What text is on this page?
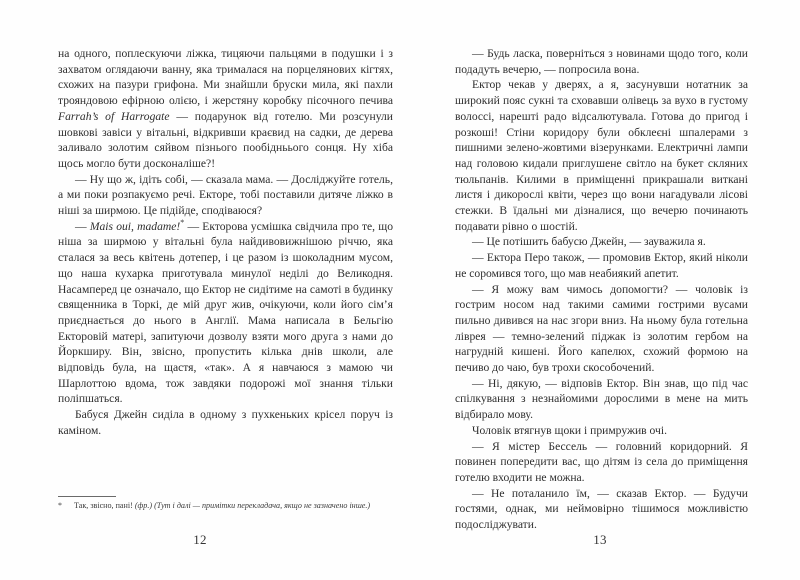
на одного, поплескуючи ліжка, тицяючи пальцями в подушки і з захватом оглядаючи ванну, яка трималася на порцелянових кігтях, схожих на пазури грифона. Ми знайшли бруски мила, які пахли трояндовою ефірною олією, і жерстяну коробку пісочного печива Farrah’s of Harrogate — подарунок від готелю. Ми розсунули шовкові завіси у вітальні, відкривши краєвид на садки, де дерева заливало золотим сяйвом пізнього пообідньього сонця. Ну хіба щось могло бути досконаліше?!

— Ну що ж, ідіть собі, — сказала мама. — Досліджуйте готель, а ми поки розпакуємо речі. Екторе, тобі поставили дитяче ліжко в ніші за ширмою. Це підійде, сподіваюся?

— Mais oui, madame!* — Екторова усмішка свідчила про те, що ніша за ширмою у вітальні була найдивовижнішою річчю, яка сталася за весь квітень дотепер, і це разом із шоколадним мусом, що наша кухарка приготувала минулої неділі до Великодня. Насамперед це означало, що Ектор не сидітиме на самоті в будинку священника в Торкі, де мій друг жив, очікуючи, коли його сім’я приєднається до нього в Англії. Мама написала в Бельгію Екторовій матері, запитуючи дозволу взяти мого друга з нами до Йоркширу. Він, звісно, пропустить кілька днів школи, але відповідь була, на щастя, «так». А я навчаюся з мамою чи Шарлоттою вдома, тож завдяки подорожі мої знання тільки поліпшаться.

Бабуся Джейн сиділа в одному з пухкеньких крісел поруч із каміном.

*	Так, звісно, пані! (фр.) (Тут і далі — примітки перекладача, якщо не зазначено інше.)
12

— Будь ласка, поверніться з новинами щодо того, коли подадуть вечерю, — попросила вона.

Ектор чекав у дверях, а я, засунувши нотатник за широкий пояс сукні та сховавши олівець за вухо в густому волоссі, нарешті радо відсалютувала. Готова до пригод і розкоші! Стіни коридору були обклеєні шпалерами з пишними зелено-жовтими візерунками. Електричні лампи над головою кидали приглушене світло на букет скляних тюльпанів. Килими в приміщенні прикрашали виткані листя і дикорослі квіти, через що вони нагадували лісові стежки. В їдальні ми дізналися, що вечерю починають подавати рівно о шостій.

— Це потішить бабусю Джейн, — зауважила я.

— Ектора Перо також, — промовив Ектор, який ніколи не соромився того, що мав неабиякий апетит.

— Я можу вам чимось допомогти? — чоловік із гострим носом над такими самими гострими вусами пильно дивився на нас згори вниз. На ньому була готельна ліврея — темно-зелений піджак із золотим гербом на нагрудній кишені. Його капелюх, схожий формою на печиво до чаю, був трохи скособочений.

— Ні, дякую, — відповів Ектор. Він знав, що під час спілкування з незнайомими дорослими в мене на мить відбирало мову.

Чоловік втягнув щоки і примружив очі.

— Я містер Бессель — головний коридорний. Я повинен попередити вас, що дітям із села до приміщення готелю входити не можна.

— Не поталанило їм, — сказав Ектор. — Будучи гостями, однак, ми неймовірно тішимося можливістю подосліджувати.

13
